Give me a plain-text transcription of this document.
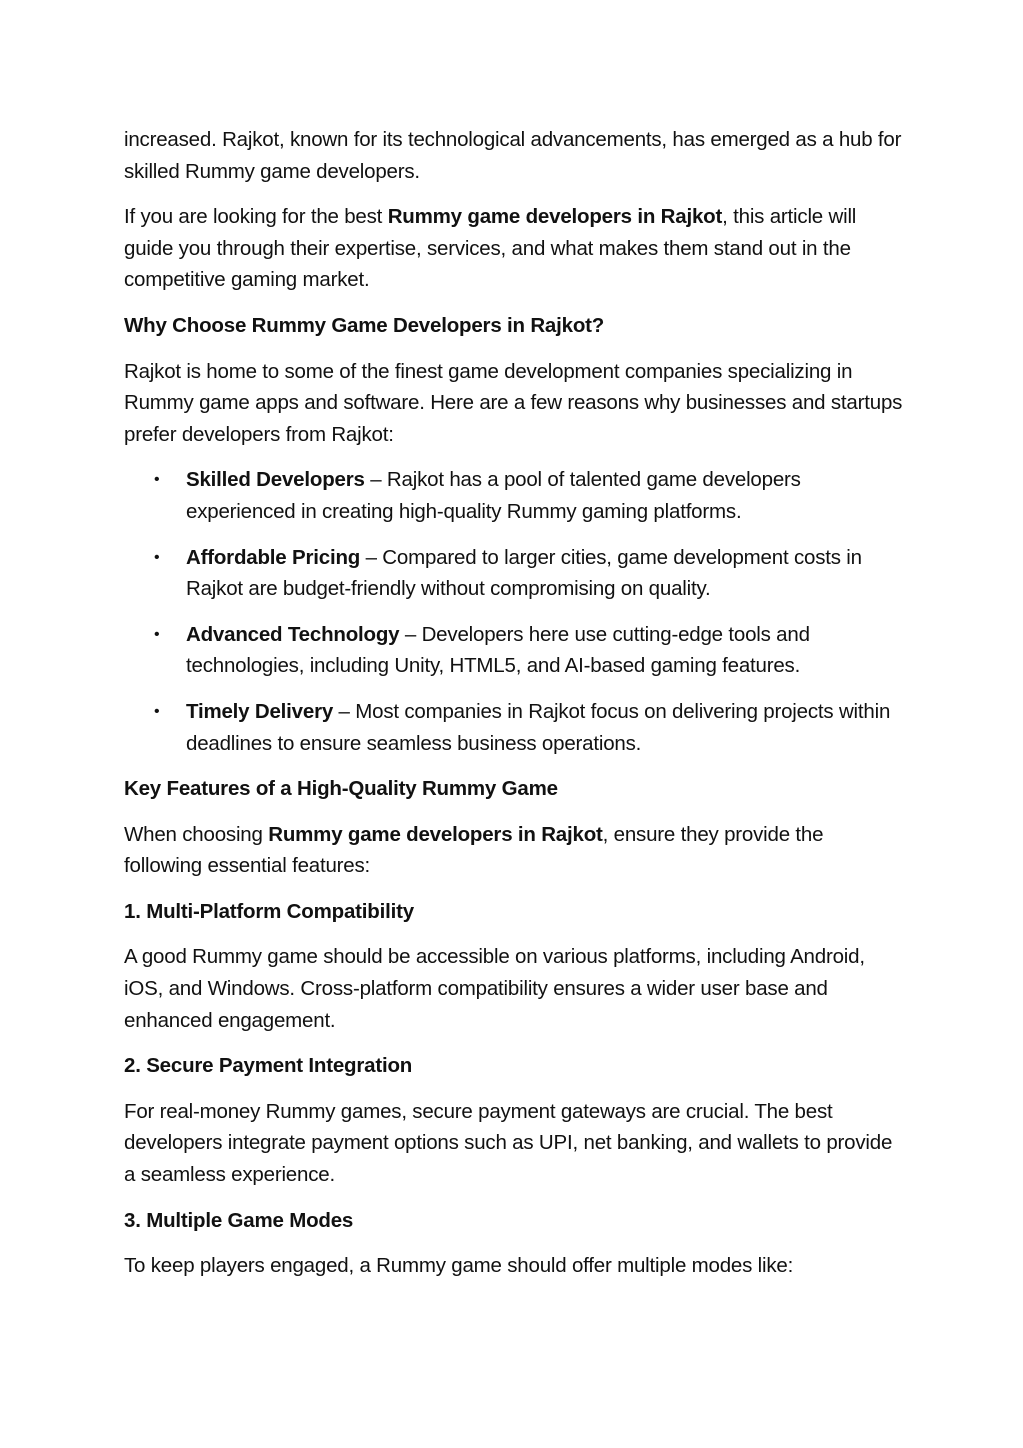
increased. Rajkot, known for its technological advancements, has emerged as a hub for skilled Rummy game developers.

If you are looking for the best Rummy game developers in Rajkot, this article will guide you through their expertise, services, and what makes them stand out in the competitive gaming market.

Why Choose Rummy Game Developers in Rajkot?

Rajkot is home to some of the finest game development companies specializing in Rummy game apps and software. Here are a few reasons why businesses and startups prefer developers from Rajkot:

• Skilled Developers – Rajkot has a pool of talented game developers experienced in creating high-quality Rummy gaming platforms.
• Affordable Pricing – Compared to larger cities, game development costs in Rajkot are budget-friendly without compromising on quality.
• Advanced Technology – Developers here use cutting-edge tools and technologies, including Unity, HTML5, and AI-based gaming features.
• Timely Delivery – Most companies in Rajkot focus on delivering projects within deadlines to ensure seamless business operations.
Key Features of a High-Quality Rummy Game

When choosing Rummy game developers in Rajkot, ensure they provide the following essential features:

1. Multi-Platform Compatibility

A good Rummy game should be accessible on various platforms, including Android, iOS, and Windows. Cross-platform compatibility ensures a wider user base and enhanced engagement.

2. Secure Payment Integration

For real-money Rummy games, secure payment gateways are crucial. The best developers integrate payment options such as UPI, net banking, and wallets to provide a seamless experience.

3. Multiple Game Modes

To keep players engaged, a Rummy game should offer multiple modes like:
